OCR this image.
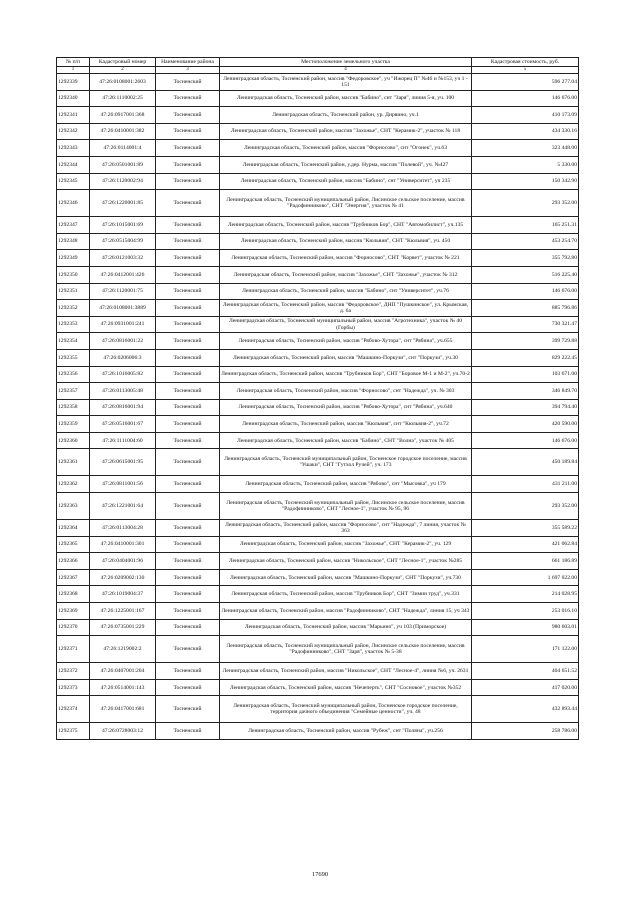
№ п/п	Кадастровый номер	Наименование района	Местоположение земельного участка	Кадастровая стоимость, руб.
1	2	3	4	5
1292339	47:26:0108001:2603	Тосненский	Ленинградская область, Тосненский район, массив "Федоровское", уч "Ижорец П" №46 и №153, уч 1 - 151	596 277.04
1292340	47:26:1110002:25	Тосненский	Ленинградская область, Тосненский район, массив "Бабино", снт "Заря", линия 5-я, уч. 100	146 676.00
1292341	47:26:0917001:368	Тосненский	Ленинградская область, Тосненский район, ур. Дирвино, уч.1	410 173.09
1292342	47:26:0410001:382	Тосненский	Ленинградская область, Тосненский район, массив "Захожье", СНТ "Керамик-2", участок № 118	434 330.16
1292343	47:26:0114001:4	Тосненский	Ленинградская область, Тосненский район, массив "Форносово", снт "Огонек", уч.63	323 448.00
1292344	47:26:0501001:89	Тосненский	Ленинградская область, Тосненский район, у.дер. Нурма, массив "Полевой", уч. №427	5 330.00
1292345	47:26:1120002:94	Тосненский	Ленинградская область, Тосненский район, массив "Бабино", снт "Университет", уч 235	150 342.90
1292346	47:26:1220001:85	Тосненский	Ленинградская область, Тосненский муниципальный район, Лисинское сельское поселение, массив "Радофинниково", СНТ "Энергия", участок № 41	293 352.00
1292347	47:26:1015001:69	Тосненский	Ленинградская область, Тосненский район, массив "Трубников Бор", СНТ "Автомобилист", уч.135	165 251.31
1292348	47:26:0515004:99	Тосненский	Ленинградская область, Тосненский район, массив "Кюльвия", СНТ "Кюльвия", уч. 450	453 254.70
1292349	47:26:0121003:32	Тосненский	Ленинградская область, Тосненский район, массив "Форносово", СНТ "Корвет", участок № 221	355 792.80
1292350	47:26:0412001:426	Тосненский	Ленинградская область, Тосненский район, массив "Захожье", СНТ "Захожье", участок № 312	516 225.40
1292351	47:26:1120001:75	Тосненский	Ленинградская область, Тосненский район, массив "Бабино", снт "Университет", уч.76	146 676.00
1292352	47:26:0108001:3889	Тосненский	Ленинградская область, Тосненский район, массив "Федоровское", ДНП "Пушкинское", ул. Крымская, д. 6а	885 796.86
1292353	47:26:0931001:241	Тосненский	Ленинградская область, Тосненский муниципальный район, массив "Агротехника", участок № 40 (Горбы)	730 321.47
1292354	47:26:0816001:22	Тосненский	Ленинградская область, Тосненский район, массив "Рябово-Хутора", снт "Рябина", уч.655	399 729.88
1292355	47:26:0206006:3	Тосненский	Ленинградская область, Тосненский район, массив "Машкино-Поркузи", снт "Поркузи", уч.30	829 222.45
1292356	47:26:1016005:82	Тосненский	Ленинградская область, Тосненский район, массив "Трубников Бор", СНТ "Боровое М-1 и М-2", уч.70-2	103 671.00
1292357	47:26:0113005:48	Тосненский	Ленинградская область, Тосненский район, массив "Форносово", снт "Надежда", уч. № 303	346 849.70
1292358	47:26:0816001:94	Тосненский	Ленинградская область, Тосненский район, массив "Рябово-Хутора", снт "Рябина", уч.640	394 794.40
1292359	47:26:0516001:67	Тосненский	Ленинградская область, Тосненский район, массив "Кюльвия", снт "Кюльвия-2", уч.72	420 590.00
1292360	47:26:1111004:60	Тосненский	Ленинградская область, Тосненский район, массив "Бабино", СНТ "Волна", участок № 405	146 676.00
1292361	47:26:0615001:95	Тосненский	Ленинградская область, Тосненский муниципальный район, Тосненское городское поселение, массив "Ушаки", СНТ "Гутхол Ручей", уч. 173	450 189.84
1292362	47:26:0811001:56	Тосненский	Ленинградская область, Тосненский район, массив "Рябово", снт "Мысовка", уч 179	431 211.00
1292363	47:26:1221001:64	Тосненский	Ленинградская область, Тосненский муниципальный район, Лисинское сельское поселение, массив "Радофинниково", СНТ "Лесное-1", участок № 95, 96	293 352.00
1292364	47:26:0113004:28	Тосненский	Ленинградская область, Тосненский район, массив "Форносово", снт "Надежда", 7 линия, участок № 363	355 589.22
1292365	47:26:0410001:301	Тосненский	Ленинградская область, Тосненский район, массив "Захожье", СНТ "Керамик-2", уч. 129	421 062.84
1292366	47:26:0404001:96	Тосненский	Ленинградская область, Тосненский район, массив "Никольское", СНТ "Лесное-1", участок №285	661 186.89
1292367	47:26:0209002:130	Тосненский	Ленинградская область, Тосненский район, массив "Машкино-Поркузи", СНТ "Поркузи", уч.730	1 697 022.00
1292368	47:26:1019004:37	Тосненский	Ленинградская область, Тосненский район, массив "Трубников Бор", СНТ "Зимин труд", уч.331	214 028.95
1292369	47:26:1225001:167	Тосненский	Ленинградская область, Тосненский район, массив "Радофинниково", СНТ "Надежда", линия 15, уч 343	253 016.10
1292370	47:26:0735001:229	Тосненский	Ленинградская область, Тосненский район, массив "Марьино", уч 103 (Приморское)	980 603.01
1292371	47:26:1219002:2	Тосненский	Ленинградская область, Тосненский муниципальный район, Лисинское сельское поселение, массив "Радофинниково", СНТ "Заря", участок № 5-38	171 122.00
1292372	47:26:0407001:204	Тосненский	Ленинградская область, Тосненский район, массив "Никольское", СНТ "Лесное-4", линия №6, уч. 2631	404 651.52
1292373	47:26:0514001:143	Тосненский	Ленинградская область, Тосненский район, массив "Нечеперть", СНТ "Сосновое", участок №352	417 020.00
1292374	47:26:0417001:681	Тосненский	Ленинградская область, Тосненский муниципальный район, Тосненское городское поселение, территория дачного объединения "Семейные ценности", уч. 48	432 893.44
1292375	47:26:0728003:12	Тосненский	Ленинградская область, Тосненский район, массив "Рубеж", снт "Поляна", уч.256	258 786.00
17690
